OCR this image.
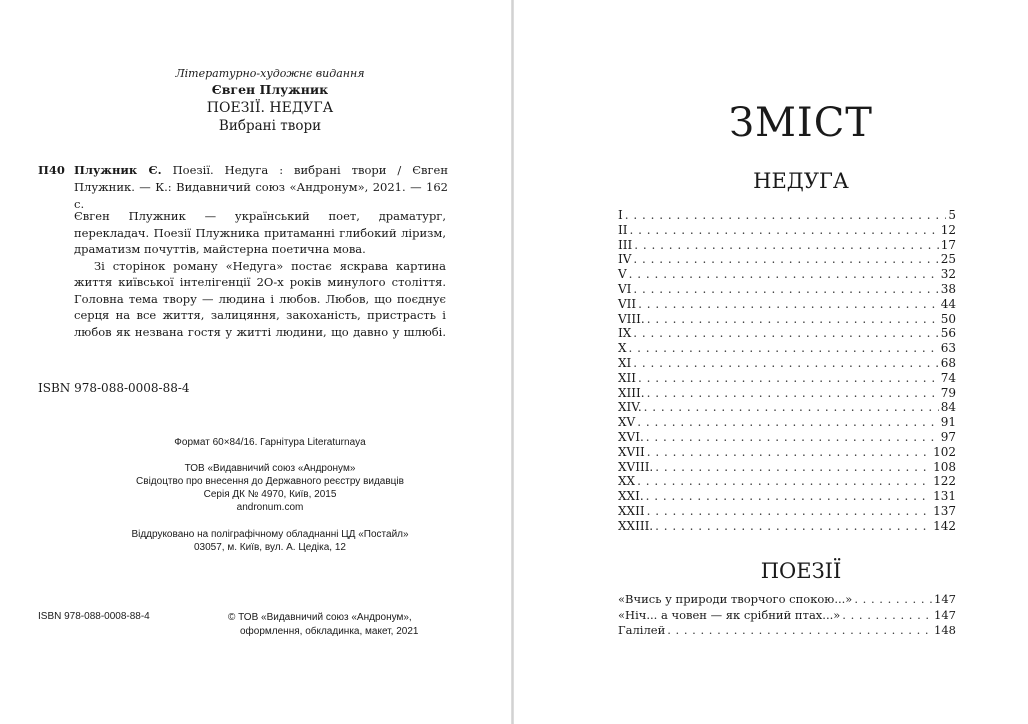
Літературно-художнє видання
Євген Плужник
ПОЕЗІЇ. НЕДУГА
Вибрані твори
П40 Плужник Є. Поезії. Недуга : вибрані твори / Євген Плужник. — К.: Видавничий союз «Андронум», 2021. — 162 с.

Євген Плужник — український поет, драматург, перекладач. Поезії Плужника притаманні глибокий ліризм, драматизм почуттів, майстерна поетична мова.

Зі сторінок роману «Недуга» постає яскрава картина життя київської інтелігенції 2О-х років минулого століття. Головна тема твору — людина і любов. Любов, що поєднує серця на все життя, залицяння, закоханість, пристрасть і любов як незвана гостя у житті людини, що давно у шлюбі.

ISBN 978-088-0008-88-4
Формат 60×84/16. Гарнітура Literaturnaya
ТОВ «Видавничий союз «Андронум»
Свідоцтво про внесення до Державного реєстру видавців
Серія ДК № 4970, Київ, 2015
andronum.com
Віддруковано на поліграфічному обладнанні ЦД «Постайл»
03057, м. Київ, вул. А. Цедіка, 12
ISBN 978-088-0008-88-4	© ТОВ «Видавничий союз «Андронум»,
оформлення, обкладинка, макет, 2021
ЗМІСТ
НЕДУГА
I . . .	5
II . . .	12
III . . .	17
IV . . .	25
V . . .	32
VI . . .	38
VII . . .	44
VIII. . . .	50
IX . . .	56
X . . .	63
XI . . .	68
XII . . .	74
XIII. . . .	79
XIV. . . .	84
XV . . .	91
XVI. . . .	97
XVII . . .	102
XVIII. . . .	108
XX . . .	122
XXI. . . .	131
XXII . . .	137
XXIII. . . .	142
ПОЕЗІЇ
«Вчись у природи творчого спокою...» . . .	147
«Ніч... а човен — як срібний птах...» . . .	147
Галілей . . .	148
